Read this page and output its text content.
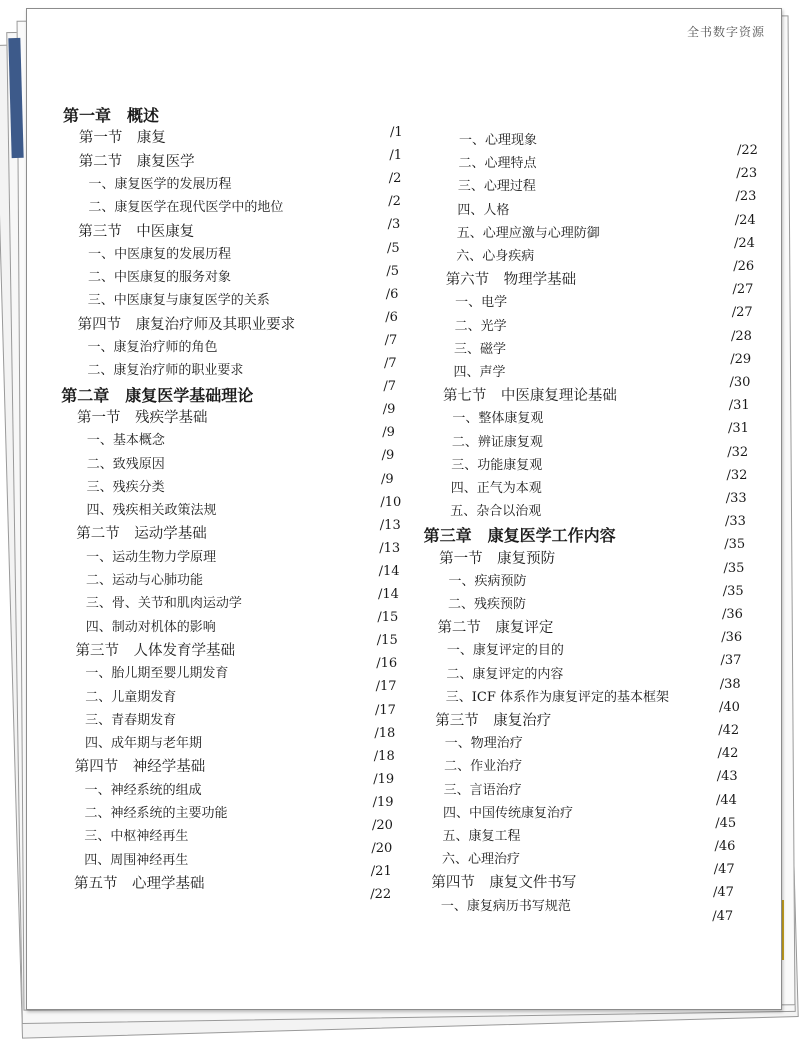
全书数字资源
第一章　概述
第一节　康复
第二节　康复医学
一、康复医学的发展历程
二、康复医学在现代医学中的地位
第三节　中医康复
一、中医康复的发展历程
二、中医康复的服务对象
三、中医康复与康复医学的关系
第四节　康复治疗师及其职业要求
一、康复治疗师的角色
二、康复治疗师的职业要求
第二章　康复医学基础理论
第一节　残疾学基础
一、基本概念
二、致残原因
三、残疾分类
四、残疾相关政策法规
第二节　运动学基础
一、运动生物力学原理
二、运动与心肺功能
三、骨、关节和肌肉运动学
四、制动对机体的影响
第三节　人体发育学基础
一、胎儿期至婴儿期发育
二、儿童期发育
三、青春期发育
四、成年期与老年期
第四节　神经学基础
一、神经系统的组成
二、神经系统的主要功能
三、中枢神经再生
四、周围神经再生
第五节　心理学基础
/1
/1
/2
/2
/3
/5
/5
/6
/6
/7
/7
/7
/9
/9
/9
/9
/10
/13
/13
/14
/14
/15
/15
/16
/17
/17
/18
/18
/19
/19
/20
/20
/21
/22
一、心理现象
二、心理特点
三、心理过程
四、人格
五、心理应激与心理防御
六、心身疾病
第六节　物理学基础
一、电学
二、光学
三、磁学
四、声学
第七节　中医康复理论基础
一、整体康复观
二、辨证康复观
三、功能康复观
四、正气为本观
五、杂合以治观
第三章　康复医学工作内容
第一节　康复预防
一、疾病预防
二、残疾预防
第二节　康复评定
一、康复评定的目的
二、康复评定的内容
三、ICF 体系作为康复评定的基本框架
第三节　康复治疗
一、物理治疗
二、作业治疗
三、言语治疗
四、中国传统康复治疗
五、康复工程
六、心理治疗
第四节　康复文件书写
一、康复病历书写规范
/22
/23
/23
/24
/24
/26
/27
/27
/28
/29
/30
/31
/31
/32
/32
/33
/33
/35
/35
/35
/36
/36
/37
/38
/40
/42
/42
/43
/44
/45
/46
/47
/47
/47
